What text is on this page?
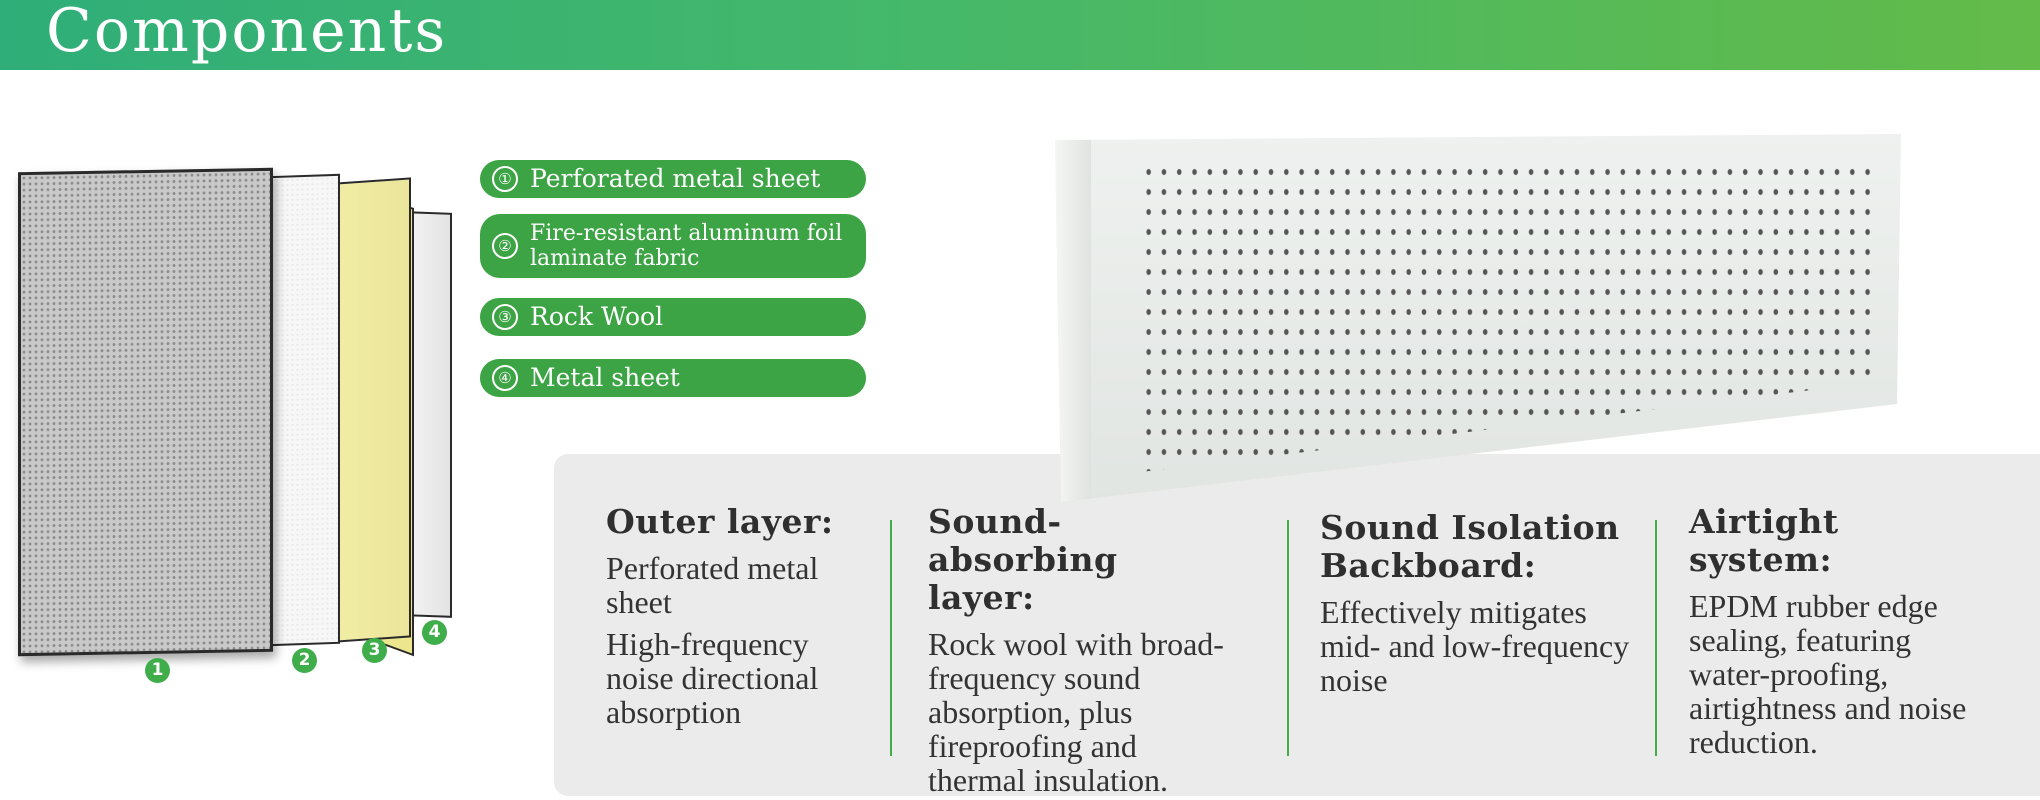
Components
1	2	3
4
① Perforated metal sheet
② Fire-resistant aluminum foil laminate fabric
③ Rock Wool
④ Metal sheet
Outer layer:
Perforated metal sheet
High-frequency noise directional absorption
Sound-absorbing layer:
Rock wool with broad-frequency sound absorption, plus fireproofing and thermal insulation.
Sound Isolation Backboard:
Effectively mitigates mid- and low-frequency noise
Airtight system:
EPDM rubber edge sealing, featuring water-proofing, airtightness and noise reduction.
